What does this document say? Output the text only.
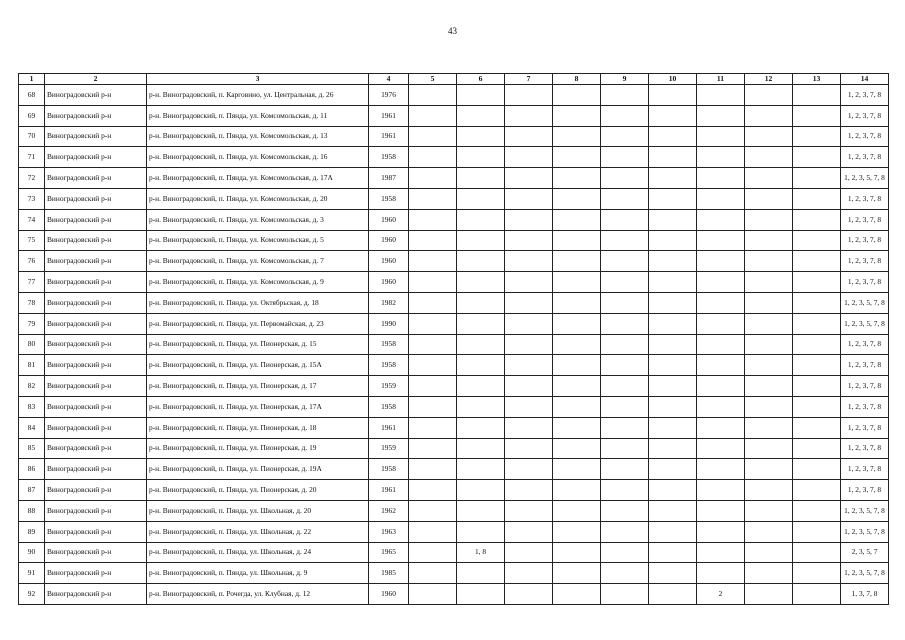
43
1	2	3	4	5	6	7	8	9	10	11	12	13	14
68	Виноградовский р-н	р-н. Виноградовский, п. Карговино, ул. Центральная, д. 26	1976										1, 2, 3, 7, 8
69	Виноградовский р-н	р-н. Виноградовский, п. Пянда, ул. Комсомольская, д. 11	1961										1, 2, 3, 7, 8
70	Виноградовский р-н	р-н. Виноградовский, п. Пянда, ул. Комсомольская, д. 13	1961										1, 2, 3, 7, 8
71	Виноградовский р-н	р-н. Виноградовский, п. Пянда, ул. Комсомольская, д. 16	1958										1, 2, 3, 7, 8
72	Виноградовский р-н	р-н. Виноградовский, п. Пянда, ул. Комсомольская, д. 17А	1987										1, 2, 3, 5, 7, 8
73	Виноградовский р-н	р-н. Виноградовский, п. Пянда, ул. Комсомольская, д. 20	1958										1, 2, 3, 7, 8
74	Виноградовский р-н	р-н. Виноградовский, п. Пянда, ул. Комсомольская, д. 3	1960										1, 2, 3, 7, 8
75	Виноградовский р-н	р-н. Виноградовский, п. Пянда, ул. Комсомольская, д. 5	1960										1, 2, 3, 7, 8
76	Виноградовский р-н	р-н. Виноградовский, п. Пянда, ул. Комсомольская, д. 7	1960										1, 2, 3, 7, 8
77	Виноградовский р-н	р-н. Виноградовский, п. Пянда, ул. Комсомольская, д. 9	1960										1, 2, 3, 7, 8
78	Виноградовский р-н	р-н. Виноградовский, п. Пянда, ул. Октябрьская, д. 18	1982										1, 2, 3, 5, 7, 8
79	Виноградовский р-н	р-н. Виноградовский, п. Пянда, ул. Первомайская, д. 23	1990										1, 2, 3, 5, 7, 8
80	Виноградовский р-н	р-н. Виноградовский, п. Пянда, ул. Пионерская, д. 15	1958										1, 2, 3, 7, 8
81	Виноградовский р-н	р-н. Виноградовский, п. Пянда, ул. Пионерская, д. 15А	1958										1, 2, 3, 7, 8
82	Виноградовский р-н	р-н. Виноградовский, п. Пянда, ул. Пионерская, д. 17	1959										1, 2, 3, 7, 8
83	Виноградовский р-н	р-н. Виноградовский, п. Пянда, ул. Пионерская, д. 17А	1958										1, 2, 3, 7, 8
84	Виноградовский р-н	р-н. Виноградовский, п. Пянда, ул. Пионерская, д. 18	1961										1, 2, 3, 7, 8
85	Виноградовский р-н	р-н. Виноградовский, п. Пянда, ул. Пионерская, д. 19	1959										1, 2, 3, 7, 8
86	Виноградовский р-н	р-н. Виноградовский, п. Пянда, ул. Пионерская, д. 19А	1958										1, 2, 3, 7, 8
87	Виноградовский р-н	р-н. Виноградовский, п. Пянда, ул. Пионерская, д. 20	1961										1, 2, 3, 7, 8
88	Виноградовский р-н	р-н. Виноградовский, п. Пянда, ул. Школьная, д. 20	1962										1, 2, 3, 5, 7, 8
89	Виноградовский р-н	р-н. Виноградовский, п. Пянда, ул. Школьная, д. 22	1963										1, 2, 3, 5, 7, 8
90	Виноградовский р-н	р-н. Виноградовский, п. Пянда, ул. Школьная, д. 24	1965		1, 8								2, 3, 5, 7
91	Виноградовский р-н	р-н. Виноградовский, п. Пянда, ул. Школьная, д. 9	1985										1, 2, 3, 5, 7, 8
92	Виноградовский р-н	р-н. Виноградовский, п. Рочегда, ул. Клубная, д. 12	1960							2			1, 3, 7, 8
